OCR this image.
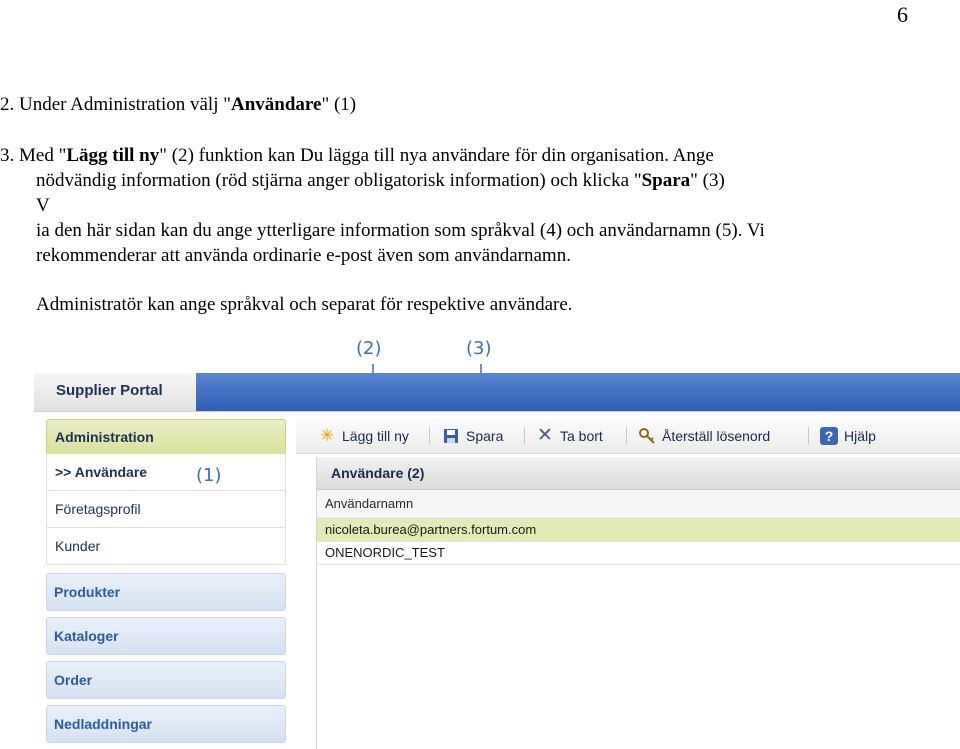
6
2. Under Administration välj "Användare" (1)
3. Med "Lägg till ny" (2) funktion kan Du lägga till nya användare för din organisation. Ange
nödvändig information (röd stjärna anger obligatorisk information) och klicka "Spara" (3)
V
ia den här sidan kan du ange ytterligare information som språkval (4) och användarnamn (5). Vi
rekommenderar att använda ordinarie e-post även som användarnamn.
Administratör kan ange språkval och separat för respektive användare.
(2)	(3)
Supplier Portal
Administration
>> Användare
Företagsprofil
Kunder
(1)
Produkter
Kataloger
Order
Nedladdningar
✳ Lägg till ny	Spara ✕ Ta bort	Återställ lösenord	? Hjälp
Användare (2)
Användarnamn
nicoleta.burea@partners.fortum.com
ONENORDIC_TEST
